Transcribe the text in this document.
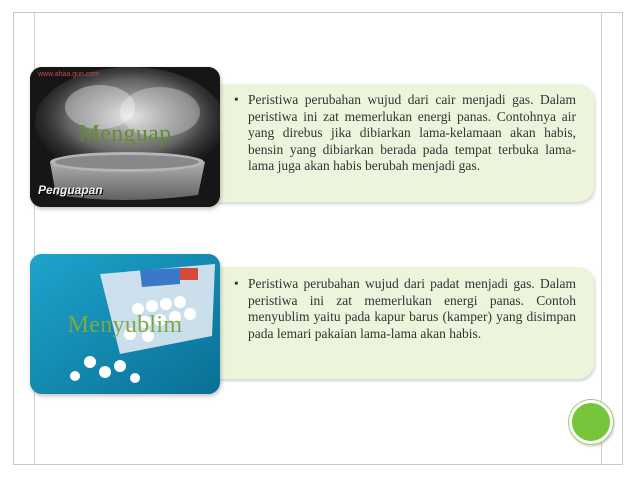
• Peristiwa perubahan wujud dari cair menjadi gas. Dalam peristiwa ini zat memerlukan energi panas. Contohnya air yang direbus jika dibiarkan lama-kelamaan akan habis, bensin yang dibiarkan berada pada tempat terbuka lama-lama juga akan habis berubah menjadi gas.
www.ahaa.gun.com
Menguap
Penguapan
• Peristiwa perubahan wujud dari padat menjadi gas. Dalam peristiwa ini zat memerlukan energi panas. Contoh menyublim yaitu pada kapur barus (kamper) yang disimpan pada lemari pakaian lama-lama akan habis.
Menyublim
